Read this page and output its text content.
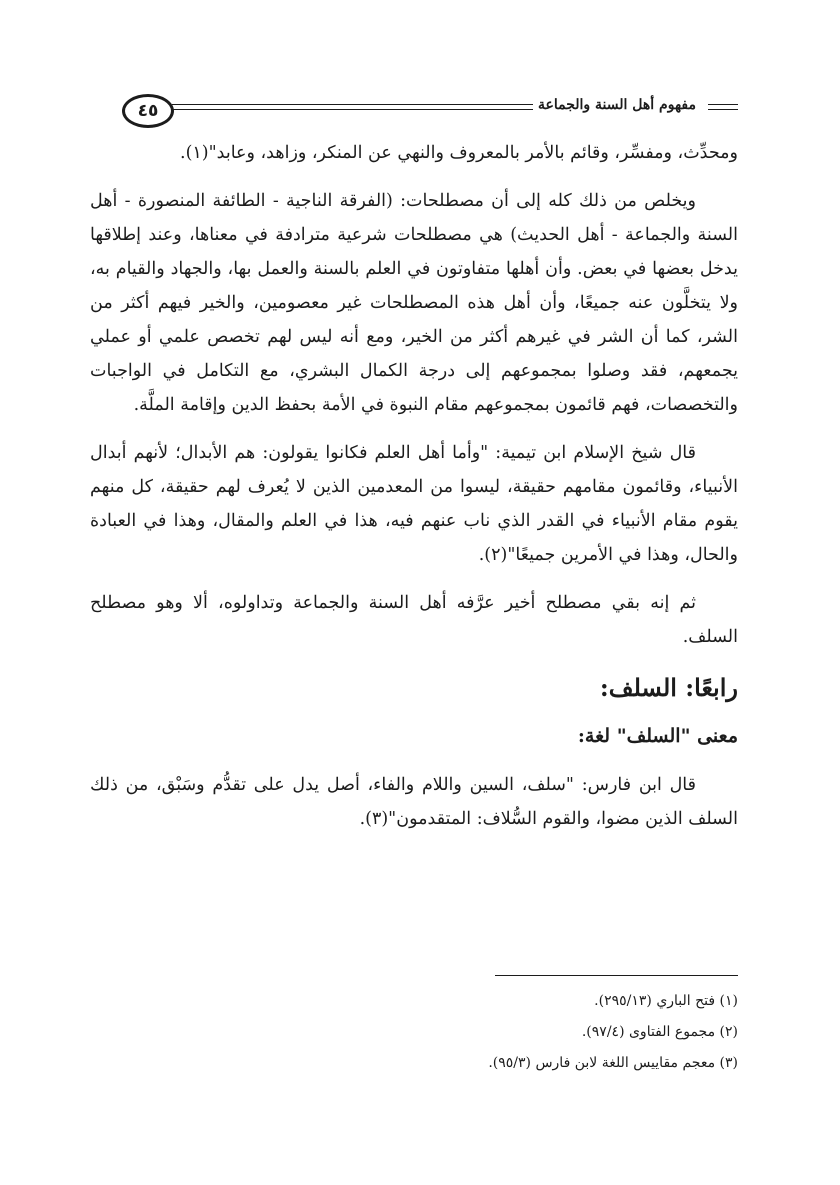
٤٥	مفهوم أهل السنة والجماعة

ومحدِّث، ومفسِّر، وقائم بالأمر بالمعروف والنهي عن المنكر، وزاهد، وعابد"(١).

ويخلص من ذلك كله إلى أن مصطلحات: (الفرقة الناجية - الطائفة المنصورة - أهل السنة والجماعة - أهل الحديث) هي مصطلحات شرعية مترادفة في معناها، وعند إطلاقها يدخل بعضها في بعض. وأن أهلها متفاوتون في العلم بالسنة والعمل بها، والجهاد والقيام به، ولا يتخلَّون عنه جميعًا، وأن أهل هذه المصطلحات غير معصومين، والخير فيهم أكثر من الشر، كما أن الشر في غيرهم أكثر من الخير، ومع أنه ليس لهم تخصص علمي أو عملي يجمعهم، فقد وصلوا بمجموعهم إلى درجة الكمال البشري، مع التكامل في الواجبات والتخصصات، فهم قائمون بمجموعهم مقام النبوة في الأمة بحفظ الدين وإقامة الملَّة.

قال شيخ الإسلام ابن تيمية: "وأما أهل العلم فكانوا يقولون: هم الأبدال؛ لأنهم أبدال الأنبياء، وقائمون مقامهم حقيقة، ليسوا من المعدمين الذين لا يُعرف لهم حقيقة، كل منهم يقوم مقام الأنبياء في القدر الذي ناب عنهم فيه، هذا في العلم والمقال، وهذا في العبادة والحال، وهذا في الأمرين جميعًا"(٢).

ثم إنه بقي مصطلح أخير عرَّفه أهل السنة والجماعة وتداولوه، ألا وهو مصطلح السلف.

رابعًا: السلف:
معنى "السلف" لغة:

قال ابن فارس: "سلف، السين واللام والفاء، أصل يدل على تقدُّم وسَبْق، من ذلك السلف الذين مضوا، والقوم السُّلاف: المتقدمون"(٣).

(١) فتح الباري (٢٩٥/١٣).
(٢) مجموع الفتاوى (٩٧/٤).
(٣) معجم مقاييس اللغة لابن فارس (٩٥/٣).
